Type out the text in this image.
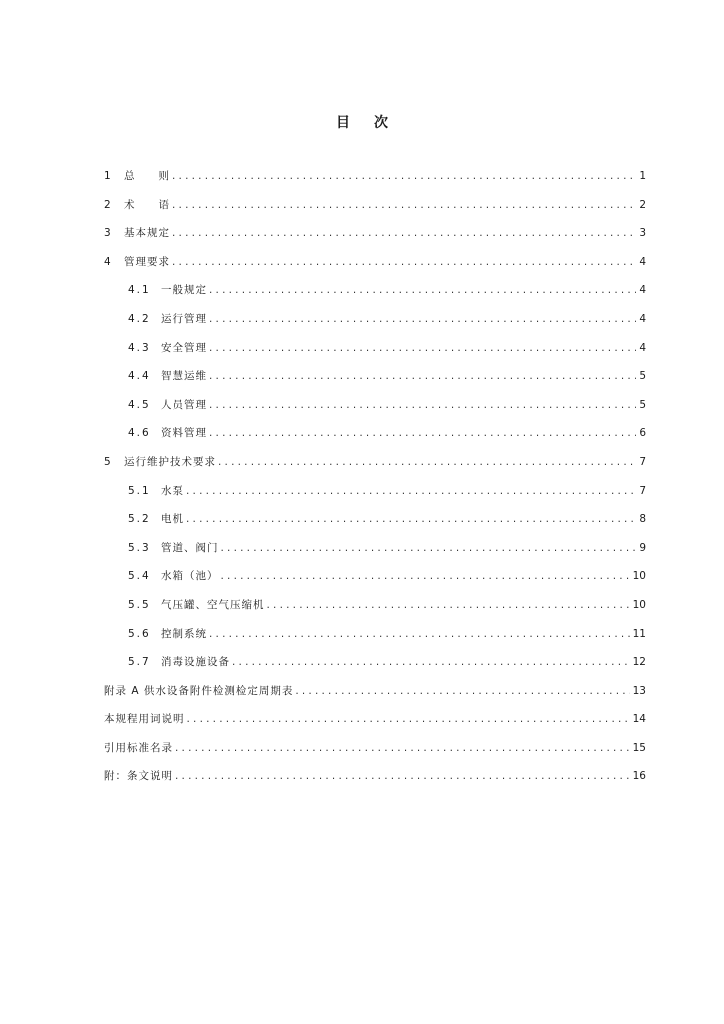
目 次
1	总　　则 .....	1
2	术　　语 .....	2
3	基本规定 .....	3
4	管理要求 .....	4
4.1 一般规定 .....	4
4.2 运行管理 .....	4
4.3 安全管理 .....	4
4.4 智慧运维 .....	5
4.5 人员管理 .....	5
4.6 资料管理 .....	6
5	运行维护技术要求 .....	7
5.1 水泵 .....	7
5.2 电机 .....	8
5.3 管道、阀门 .....	9
5.4 水箱（池） .....	10
5.5 气压罐、空气压缩机 .....	10
5.6 控制系统 .....	11
5.7 消毒设施设备 .....	12
附录 A 供水设备附件检测检定周期表 .....	13
本规程用词说明 .....	14
引用标准名录 .....	15
附：条文说明 .....	16
